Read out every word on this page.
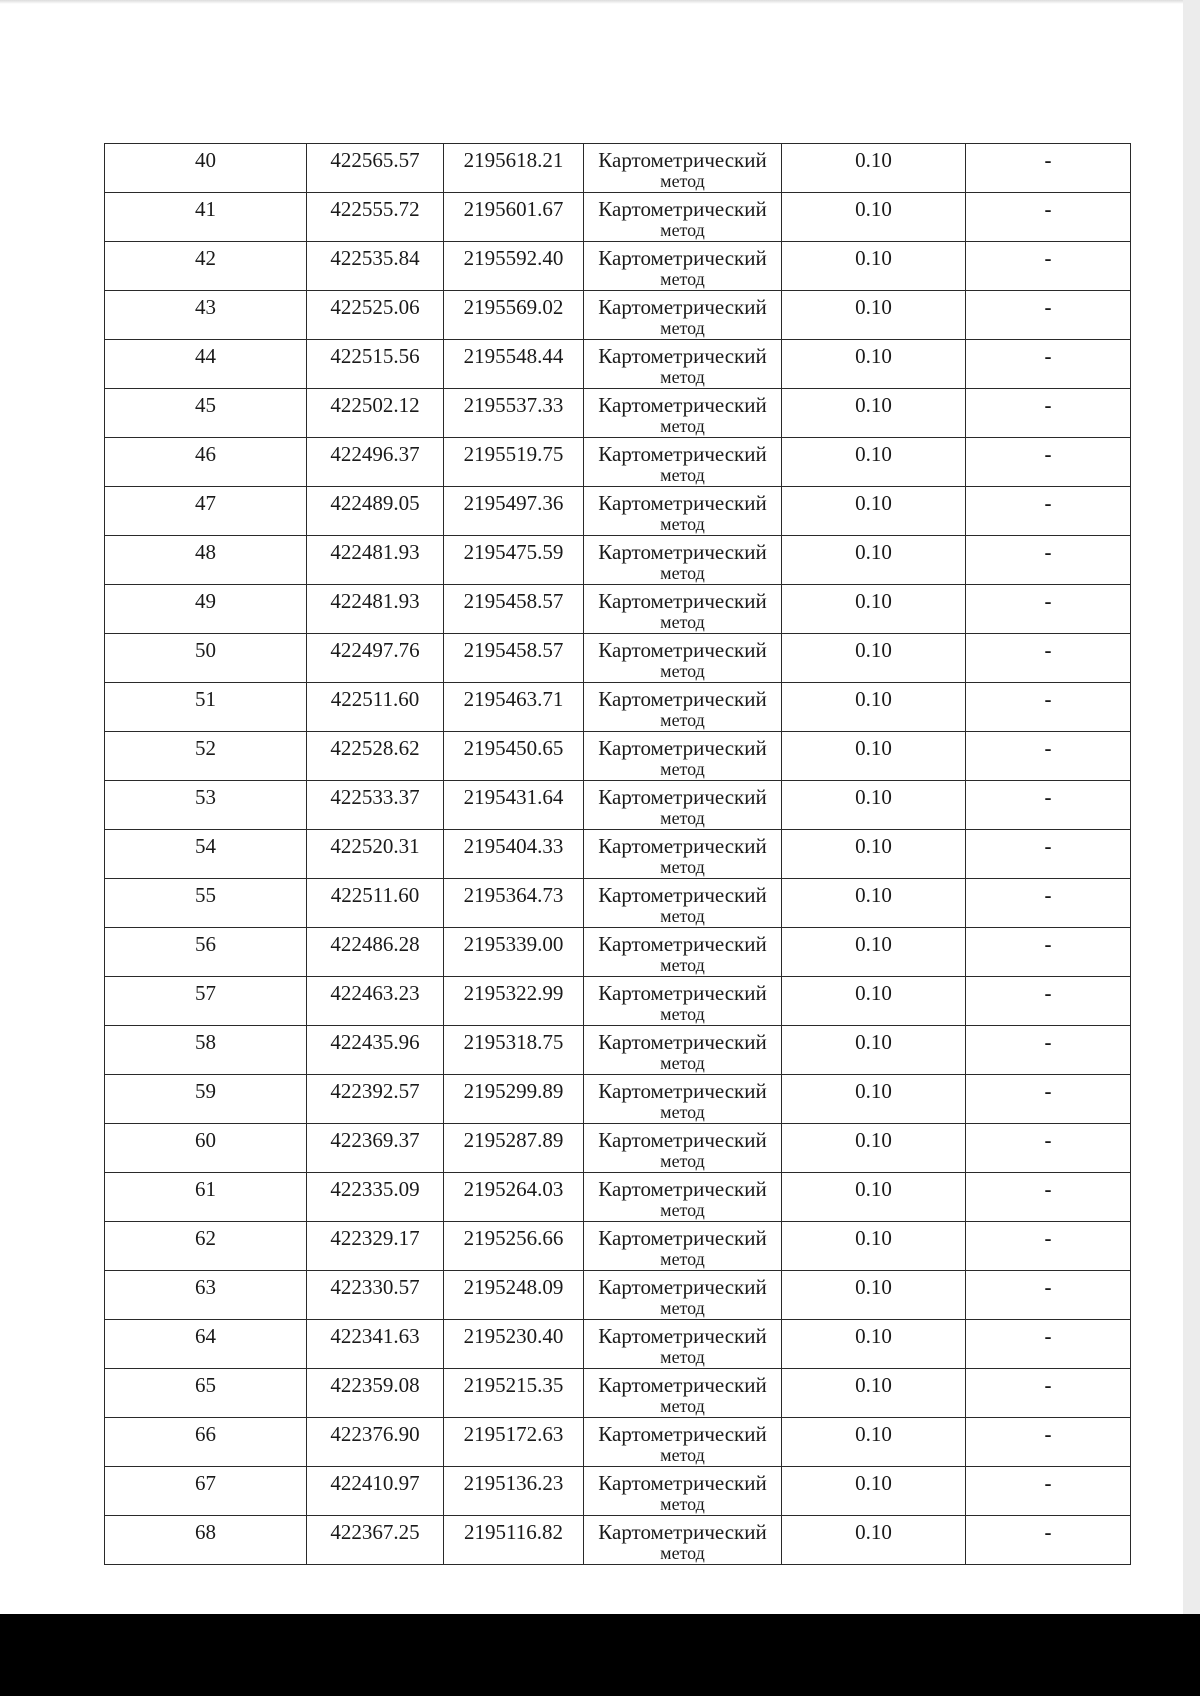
40	422565.57	2195618.21	Картометрический
метод	0.10	-

41	422555.72	2195601.67	Картометрический
метод	0.10	-

42	422535.84	2195592.40	Картометрический
метод	0.10	-

43	422525.06	2195569.02	Картометрический
метод	0.10	-

44	422515.56	2195548.44	Картометрический
метод	0.10	-

45	422502.12	2195537.33	Картометрический
метод	0.10	-

46	422496.37	2195519.75	Картометрический
метод	0.10	-

47	422489.05	2195497.36	Картометрический
метод	0.10	-

48	422481.93	2195475.59	Картометрический
метод	0.10	-

49	422481.93	2195458.57	Картометрический
метод	0.10	-

50	422497.76	2195458.57	Картометрический
метод	0.10	-

51	422511.60	2195463.71	Картометрический
метод	0.10	-

52	422528.62	2195450.65	Картометрический
метод	0.10	-

53	422533.37	2195431.64	Картометрический
метод	0.10	-

54	422520.31	2195404.33	Картометрический
метод	0.10	-

55	422511.60	2195364.73	Картометрический
метод	0.10	-

56	422486.28	2195339.00	Картометрический
метод	0.10	-

57	422463.23	2195322.99	Картометрический
метод	0.10	-

58	422435.96	2195318.75	Картометрический
метод	0.10	-

59	422392.57	2195299.89	Картометрический
метод	0.10	-

60	422369.37	2195287.89	Картометрический
метод	0.10	-

61	422335.09	2195264.03	Картометрический
метод	0.10	-

62	422329.17	2195256.66	Картометрический
метод	0.10	-

63	422330.57	2195248.09	Картометрический
метод	0.10	-

64	422341.63	2195230.40	Картометрический
метод	0.10	-

65	422359.08	2195215.35	Картометрический
метод	0.10	-

66	422376.90	2195172.63	Картометрический
метод	0.10	-

67	422410.97	2195136.23	Картометрический
метод	0.10	-

68	422367.25	2195116.82	Картометрический
метод	0.10	-
